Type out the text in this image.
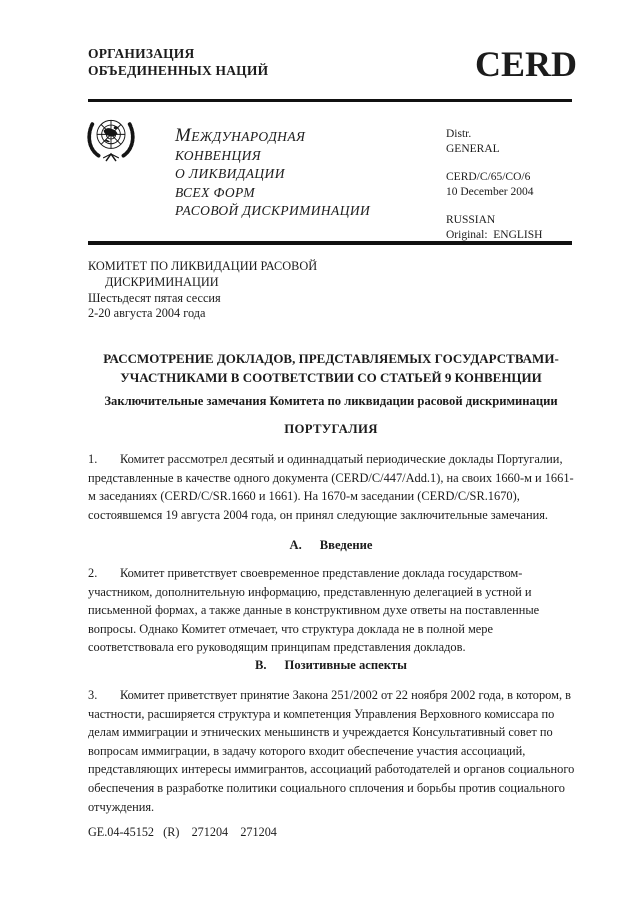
ОРГАНИЗАЦИЯ
ОБЪЕДИНЕННЫХ НАЦИЙ	CERD
МЕЖДУНАРОДНАЯ
КОНВЕНЦИЯ
О ЛИКВИДАЦИИ
ВСЕХ ФОРМ
РАСОВОЙ ДИСКРИМИНАЦИИ
Distr.
GENERAL
CERD/C/65/CO/6
10 December 2004
RUSSIAN
Original:  ENGLISH
КОМИТЕТ ПО ЛИКВИДАЦИИ РАСОВОЙ
ДИСКРИМИНАЦИИ
Шестьдесят пятая сессия
2-20 августа 2004 года
РАССМОТРЕНИЕ ДОКЛАДОВ, ПРЕДСТАВЛЯЕМЫХ ГОСУДАРСТВАМИ-
УЧАСТНИКАМИ В СООТВЕТСТВИИ СО СТАТЬЕЙ 9 КОНВЕНЦИИ
Заключительные замечания Комитета по ликвидации расовой дискриминации
ПОРТУГАЛИЯ
1. Комитет рассмотрел десятый и одиннадцатый периодические доклады Португалии, представленные в качестве одного документа (CERD/C/447/Add.1), на своих 1660-м и 1661-м заседаниях (CERD/C/SR.1660 и 1661). На 1670-м заседании (CERD/C/SR.1670), состоявшемся 19 августа 2004 года, он принял следующие заключительные замечания.
A. Введение
2. Комитет приветствует своевременное представление доклада государством-участником, дополнительную информацию, представленную делегацией в устной и письменной формах, а также данные в конструктивном духе ответы на поставленные вопросы. Однако Комитет отмечает, что структура доклада не в полной мере соответствовала его руководящим принципам представления докладов.
B. Позитивные аспекты
3. Комитет приветствует принятие Закона 251/2002 от 22 ноября 2002 года, в котором, в частности, расширяется структура и компетенция Управления Верховного комиссара по делам иммиграции и этнических меньшинств и учреждается Консультативный совет по вопросам иммиграции, в задачу которого входит обеспечение участия ассоциаций, представляющих интересы иммигрантов, ассоциаций работодателей и органов социального обеспечения в разработке политики социального сплочения и борьбы против социального отчуждения.
GE.04-45152   (R)    271204    271204
